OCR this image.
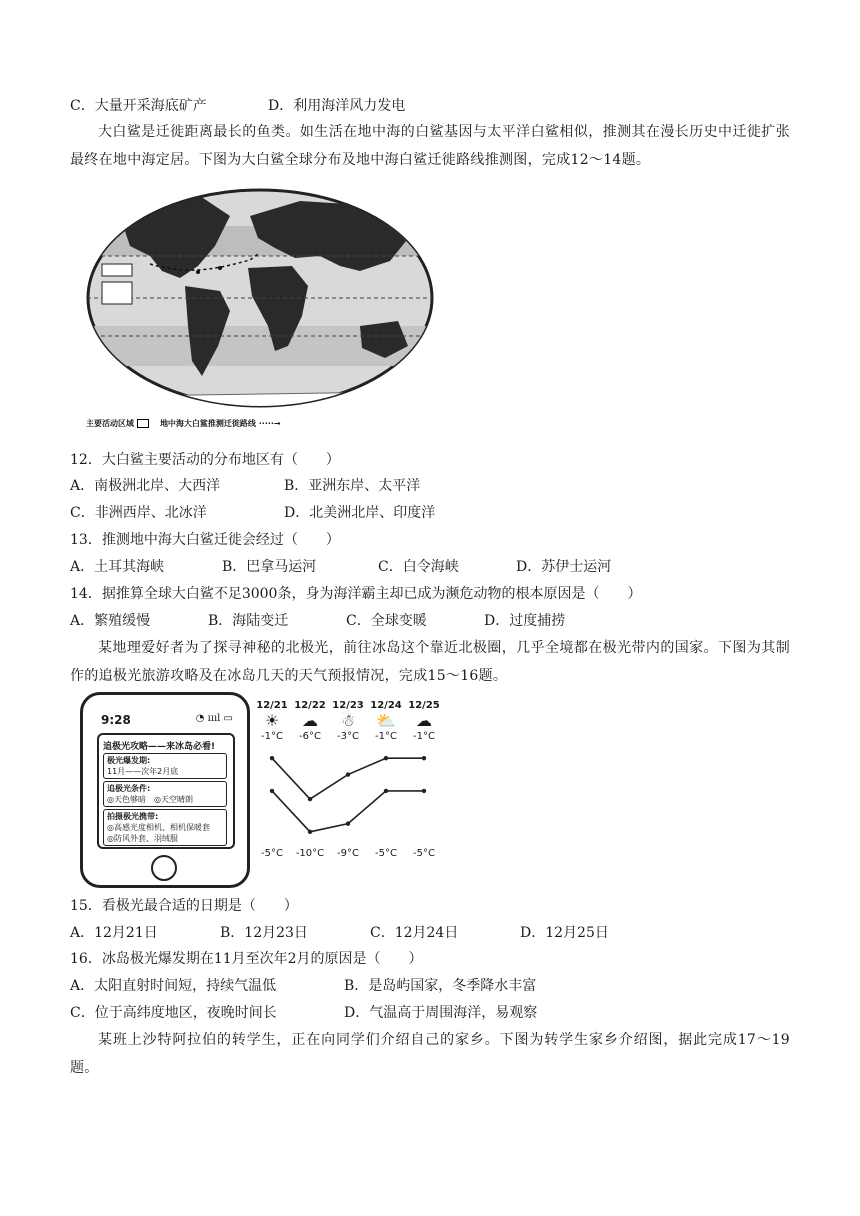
C．大量开采海底矿产	D．利用海洋风力发电
大白鲨是迁徙距离最长的鱼类。如生活在地中海的白鲨基因与太平洋白鲨相似，推测其在漫长历史中迁徙扩张最终在地中海定居。下图为大白鲨全球分布及地中海白鲨迁徙路线推测图，完成12～14题。
主要活动区域	地中海大白鲨推测迁徙路线 ·····→
12．大白鲨主要活动的分布地区有（　　）
A．南极洲北岸、大西洋	B．亚洲东岸、太平洋
C．非洲西岸、北冰洋	D．北美洲北岸、印度洋
13．推测地中海大白鲨迁徙会经过（　　）
A．土耳其海峡	B．巴拿马运河	C．白令海峡	D．苏伊士运河
14．据推算全球大白鲨不足3000条，身为海洋霸主却已成为濒危动物的根本原因是（　　）
A．繁殖缓慢	B．海陆变迁	C．全球变暖	D．过度捕捞
某地理爱好者为了探寻神秘的北极光，前往冰岛这个靠近北极圈，几乎全境都在极光带内的国家。下图为其制作的追极光旅游攻略及在冰岛几天的天气预报情况，完成15～16题。
9:28	◔ ıııl ▭
追极光攻略——来冰岛必看!
极光爆发期:
11月——次年2月底
追极光条件:
◎天色够暗　◎天空晴朗
拍摄极光携带:
◎高感光度相机、相机保暖套
◎防风外套、羽绒服
12/21
☀
-1°C
-5°C
12/22
☁
-6°C
-10°C
12/23
☃
-3°C
-9°C
12/24
⛅
-1°C
-5°C
12/25
☁
-1°C
-5°C
15．看极光最合适的日期是（　　）
A．12月21日	B．12月23日	C．12月24日	D．12月25日
16．冰岛极光爆发期在11月至次年2月的原因是（　　）
A．太阳直射时间短，持续气温低	B．是岛屿国家，冬季降水丰富
C．位于高纬度地区，夜晚时间长	D．气温高于周围海洋，易观察
某班上沙特阿拉伯的转学生，正在向同学们介绍自己的家乡。下图为转学生家乡介绍图，据此完成17～19题。
